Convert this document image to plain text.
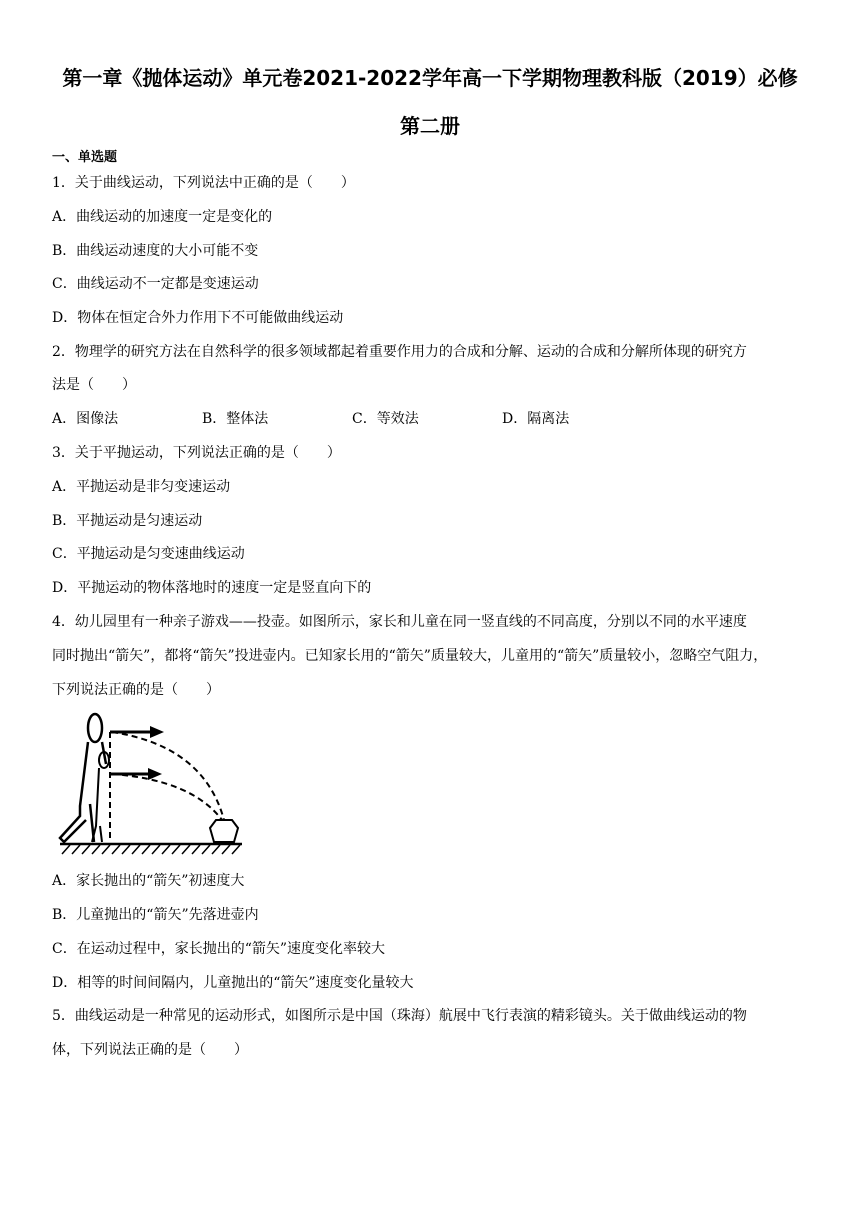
第一章《抛体运动》单元卷2021-2022学年高一下学期物理教科版（2019）必修
第二册
一、单选题
1．关于曲线运动，下列说法中正确的是（　　）
A．曲线运动的加速度一定是变化的
B．曲线运动速度的大小可能不变
C．曲线运动不一定都是变速运动
D．物体在恒定合外力作用下不可能做曲线运动
2．物理学的研究方法在自然科学的很多领域都起着重要作用力的合成和分解、运动的合成和分解所体现的研究方
法是（　　）
A．图像法	B．整体法	C．等效法	D．隔离法
3．关于平抛运动，下列说法正确的是（　　）
A．平抛运动是非匀变速运动
B．平抛运动是匀速运动
C．平抛运动是匀变速曲线运动
D．平抛运动的物体落地时的速度一定是竖直向下的
4．幼儿园里有一种亲子游戏——投壶。如图所示，家长和儿童在同一竖直线的不同高度，分别以不同的水平速度
同时抛出“箭矢”，都将“箭矢”投进壶内。已知家长用的“箭矢”质量较大，儿童用的“箭矢”质量较小，忽略空气阻力，
下列说法正确的是（　　）
A．家长抛出的“箭矢”初速度大
B．儿童抛出的“箭矢”先落进壶内
C．在运动过程中，家长抛出的“箭矢”速度变化率较大
D．相等的时间间隔内，儿童抛出的“箭矢”速度变化量较大
5．曲线运动是一种常见的运动形式，如图所示是中国（珠海）航展中飞行表演的精彩镜头。关于做曲线运动的物
体，下列说法正确的是（　　）
